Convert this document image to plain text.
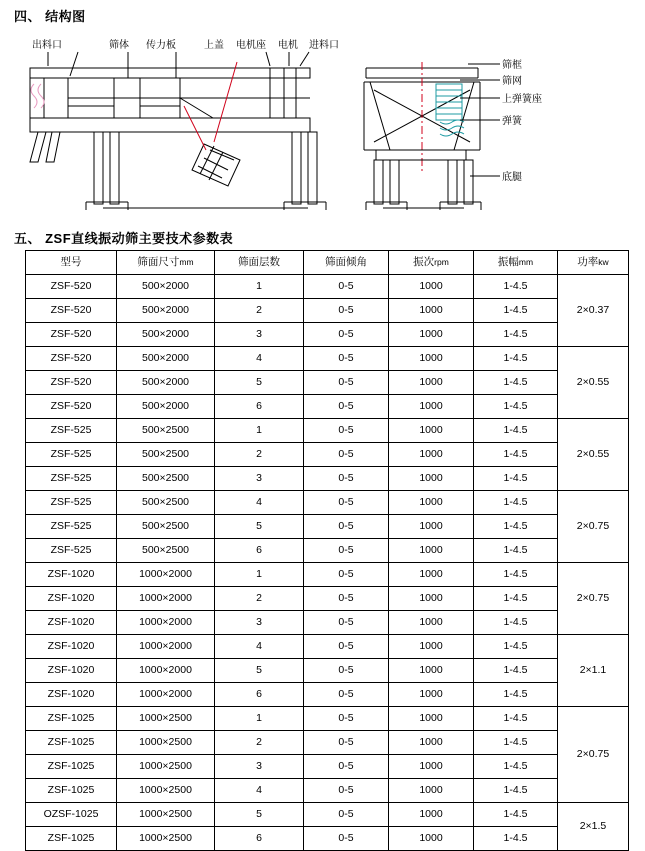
四、 结构图
出料口	筛体 传力板	上盖 电机座 电机 进料口
筛框
筛网
上弹簧座
弹簧
底腿
五、 ZSF直线振动筛主要技术参数表
型号	筛面尺寸mm	筛面层数	筛面倾角	振次rpm	振幅mm	功率kw
ZSF-520	500×2000	1	0-5	1000	1-4.5	2×0.37
ZSF-520	500×2000	2	0-5	1000	1-4.5	
ZSF-520	500×2000	3	0-5	1000	1-4.5	
ZSF-520	500×2000	4	0-5	1000	1-4.5	2×0.55
ZSF-520	500×2000	5	0-5	1000	1-4.5	
ZSF-520	500×2000	6	0-5	1000	1-4.5	
ZSF-525	500×2500	1	0-5	1000	1-4.5	2×0.55
ZSF-525	500×2500	2	0-5	1000	1-4.5	
ZSF-525	500×2500	3	0-5	1000	1-4.5	
ZSF-525	500×2500	4	0-5	1000	1-4.5	2×0.75
ZSF-525	500×2500	5	0-5	1000	1-4.5	
ZSF-525	500×2500	6	0-5	1000	1-4.5	
ZSF-1020	1000×2000	1	0-5	1000	1-4.5	2×0.75
ZSF-1020	1000×2000	2	0-5	1000	1-4.5	
ZSF-1020	1000×2000	3	0-5	1000	1-4.5	
ZSF-1020	1000×2000	4	0-5	1000	1-4.5	2×1.1
ZSF-1020	1000×2000	5	0-5	1000	1-4.5	
ZSF-1020	1000×2000	6	0-5	1000	1-4.5	
ZSF-1025	1000×2500	1	0-5	1000	1-4.5	2×0.75
ZSF-1025	1000×2500	2	0-5	1000	1-4.5	
ZSF-1025	1000×2500	3	0-5	1000	1-4.5	
ZSF-1025	1000×2500	4	0-5	1000	1-4.5	
OZSF-1025	1000×2500	5	0-5	1000	1-4.5	2×1.5
ZSF-1025	1000×2500	6	0-5	1000	1-4.5	
